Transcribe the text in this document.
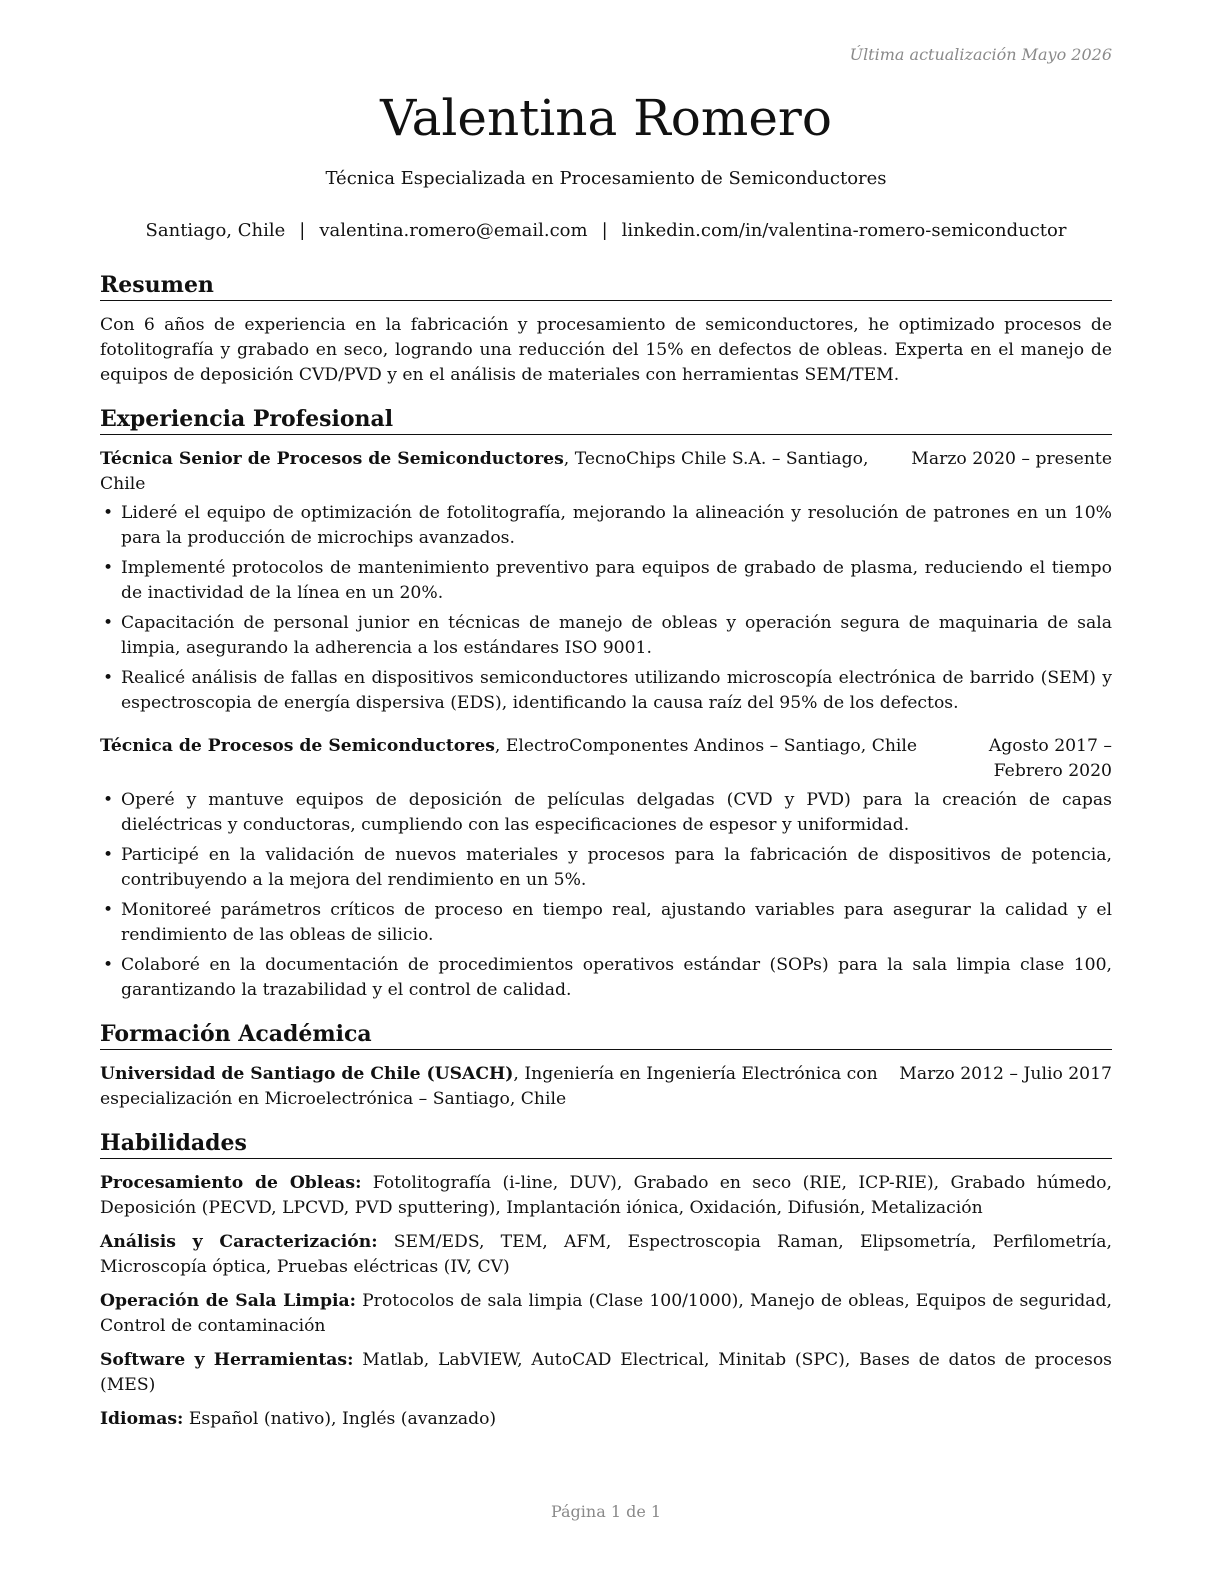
Última actualización Mayo 2026
Valentina Romero
Técnica Especializada en Procesamiento de Semiconductores
Santiago, Chile | valentina.romero@email.com | linkedin.com/in/valentina-romero-semiconductor
Resumen

Con 6 años de experiencia en la fabricación y procesamiento de semiconductores, he optimizado procesos de fotolitografía y grabado en seco, logrando una reducción del 15% en defectos de obleas. Experta en el manejo de equipos de deposición CVD/PVD y en el análisis de materiales con herramientas SEM/TEM.

Experiencia Profesional
Técnica Senior de Procesos de Semiconductores, TecnoChips Chile S.A. – Santiago, Chile
Marzo 2020 – presente
• Lideré el equipo de optimización de fotolitografía, mejorando la alineación y resolución de patrones en un 10% para la producción de microchips avanzados.
• Implementé protocolos de mantenimiento preventivo para equipos de grabado de plasma, reduciendo el tiempo de inactividad de la línea en un 20%.
• Capacitación de personal junior en técnicas de manejo de obleas y operación segura de maquinaria de sala limpia, asegurando la adherencia a los estándares ISO 9001.
• Realicé análisis de fallas en dispositivos semiconductores utilizando microscopía electrónica de barrido (SEM) y espectroscopia de energía dispersiva (EDS), identificando la causa raíz del 95% de los defectos.
Técnica de Procesos de Semiconductores, ElectroComponentes Andinos – Santiago, Chile	Agosto 2017 – Febrero 2020
• Operé y mantuve equipos de deposición de películas delgadas (CVD y PVD) para la creación de capas dieléctricas y conductoras, cumpliendo con las especificaciones de espesor y uniformidad.
• Participé en la validación de nuevos materiales y procesos para la fabricación de dispositivos de potencia, contribuyendo a la mejora del rendimiento en un 5%.
• Monitoreé parámetros críticos de proceso en tiempo real, ajustando variables para asegurar la calidad y el rendimiento de las obleas de silicio.
• Colaboré en la documentación de procedimientos operativos estándar (SOPs) para la sala limpia clase 100, garantizando la trazabilidad y el control de calidad.
Formación Académica
Universidad de Santiago de Chile (USACH), Ingeniería en Ingeniería Electrónica con especialización en Microelectrónica – Santiago, Chile
Marzo 2012 – Julio 2017
Habilidades

Procesamiento de Obleas: Fotolitografía (i-line, DUV), Grabado en seco (RIE, ICP-RIE), Grabado húmedo, Deposición (PECVD, LPCVD, PVD sputtering), Implantación iónica, Oxidación, Difusión, Metalización

Análisis y Caracterización: SEM/EDS, TEM, AFM, Espectroscopia Raman, Elipsometría, Perfilometría, Microscopía óptica, Pruebas eléctricas (IV, CV)

Operación de Sala Limpia: Protocolos de sala limpia (Clase 100/1000), Manejo de obleas, Equipos de seguridad, Control de contaminación

Software y Herramientas: Matlab, LabVIEW, AutoCAD Electrical, Minitab (SPC), Bases de datos de procesos (MES)

Idiomas: Español (nativo), Inglés (avanzado)

Página 1 de 1
